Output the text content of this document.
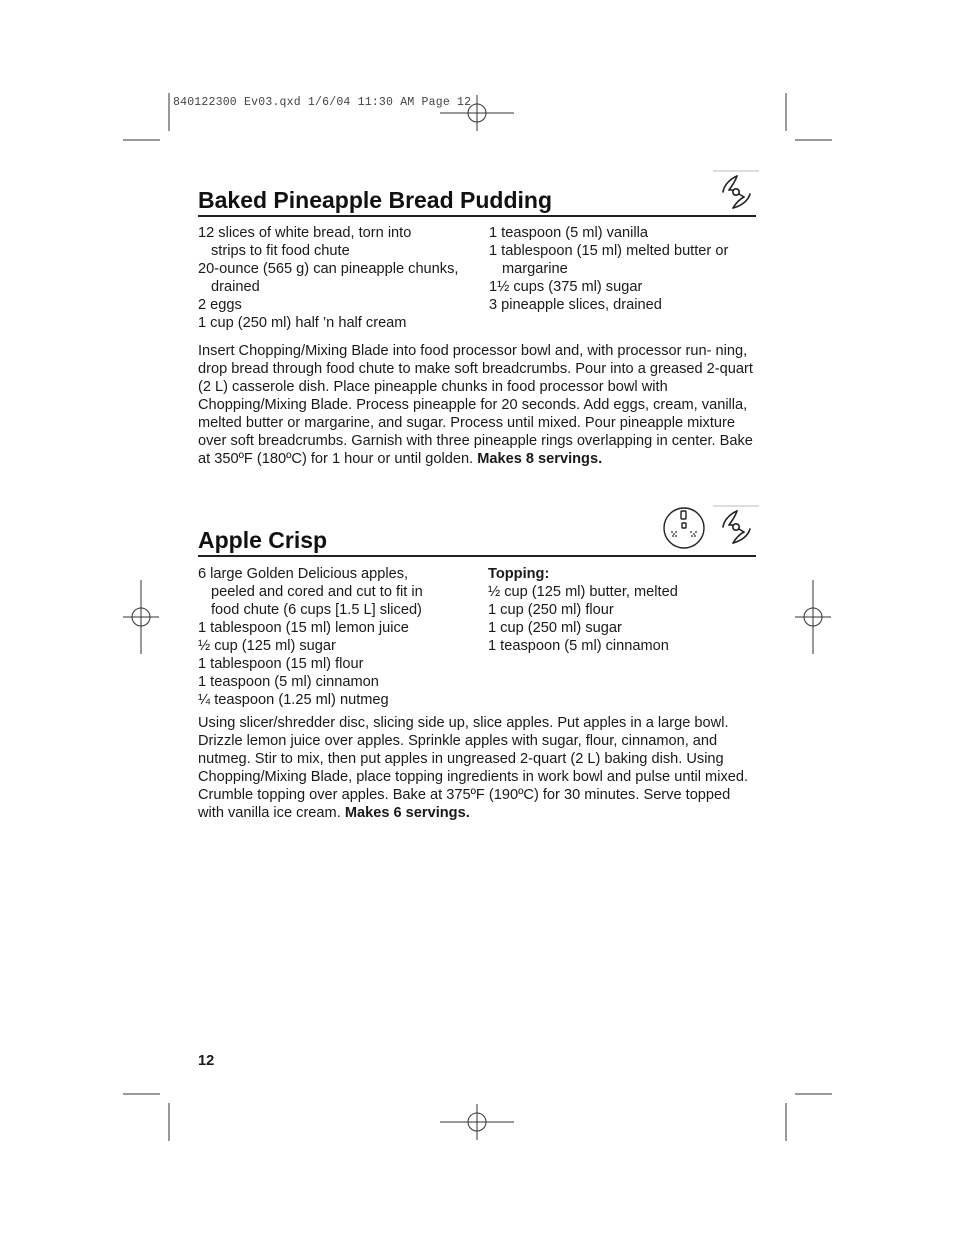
840122300 Ev03.qxd 1/6/04 11:30 AM Page 12
Baked Pineapple Bread Pudding
12 slices of white bread, torn into
strips to fit food chute
20-ounce (565 g) can pineapple chunks,
drained
2 eggs
1 cup (250 ml) half ’n half cream
1 teaspoon (5 ml) vanilla
1 tablespoon (15 ml) melted butter or
margarine
1½ cups (375 ml) sugar
3 pineapple slices, drained

Insert Chopping/Mixing Blade into food processor bowl and, with processor run- ning, drop bread through food chute to make soft breadcrumbs. Pour into a greased 2-quart (2 L) casserole dish. Place pineapple chunks in food processor bowl with Chopping/Mixing Blade. Process pineapple for 20 seconds. Add eggs, cream, vanilla, melted butter or margarine, and sugar. Process until mixed. Pour pineapple mixture over soft breadcrumbs. Garnish with three pineapple rings overlapping in center. Bake at 350ºF (180ºC) for 1 hour or until golden. Makes 8 servings.

Apple Crisp
6 large Golden Delicious apples,
peeled and cored and cut to fit in
food chute (6 cups [1.5 L] sliced)
1 tablespoon (15 ml) lemon juice
½ cup (125 ml) sugar
1 tablespoon (15 ml) flour
1 teaspoon (5 ml) cinnamon
¼ teaspoon (1.25 ml) nutmeg
Topping:
½ cup (125 ml) butter, melted
1 cup (250 ml) flour
1 cup (250 ml) sugar
1 teaspoon (5 ml) cinnamon

Using slicer/shredder disc, slicing side up, slice apples. Put apples in a large bowl. Drizzle lemon juice over apples. Sprinkle apples with sugar, flour, cinnamon, and nutmeg. Stir to mix, then put apples in ungreased 2-quart (2 L) baking dish. Using Chopping/Mixing Blade, place topping ingredients in work bowl and pulse until mixed. Crumble topping over apples. Bake at 375ºF (190ºC) for 30 minutes. Serve topped with vanilla ice cream. Makes 6 servings.

12
